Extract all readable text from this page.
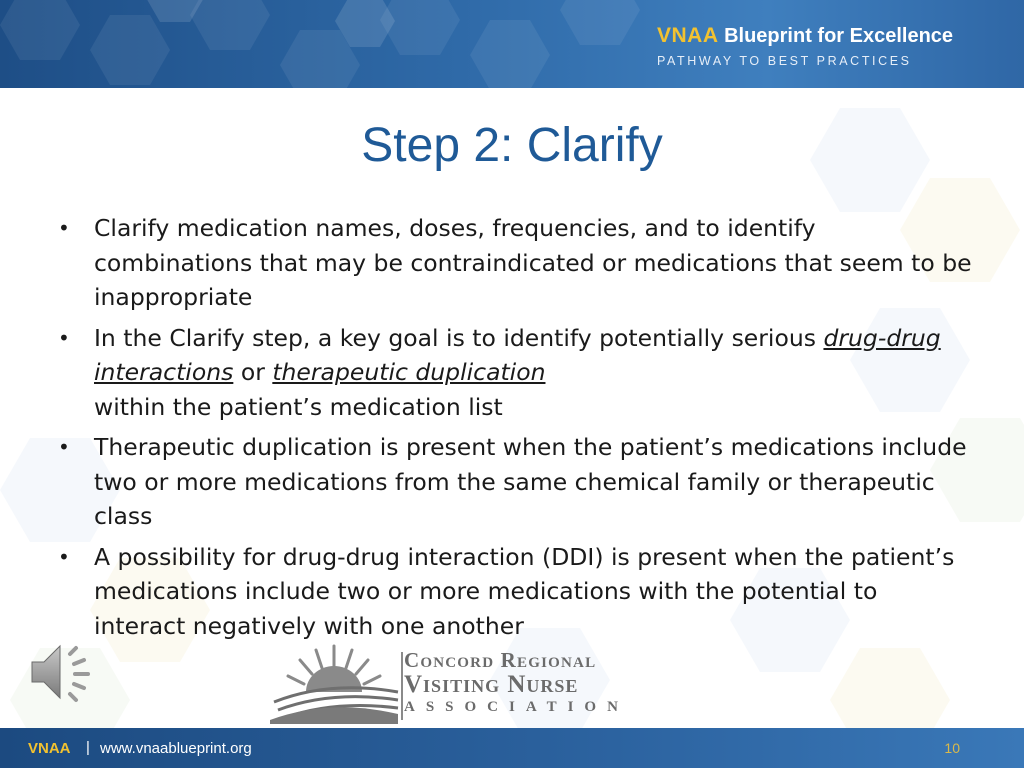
VNAA Blueprint for Excellence
PATHWAY TO BEST PRACTICES
Step 2: Clarify
• Clarify medication names, doses, frequencies, and to identify combinations that may be contraindicated or medications that seem to be inappropriate
• In the Clarify step, a key goal is to identify potentially serious drug-drug interactions or therapeutic duplication
within the patient’s medication list
• Therapeutic duplication is present when the patient’s medications include two or more medications from the same chemical family or therapeutic class
• A possibility for drug-drug interaction (DDI) is present when the patient’s medications include two or more medications with the potential to interact negatively with one another
Concord Regional
Visiting Nurse
ASSOCIATION
VNAA | www.vnaablueprint.org	10
